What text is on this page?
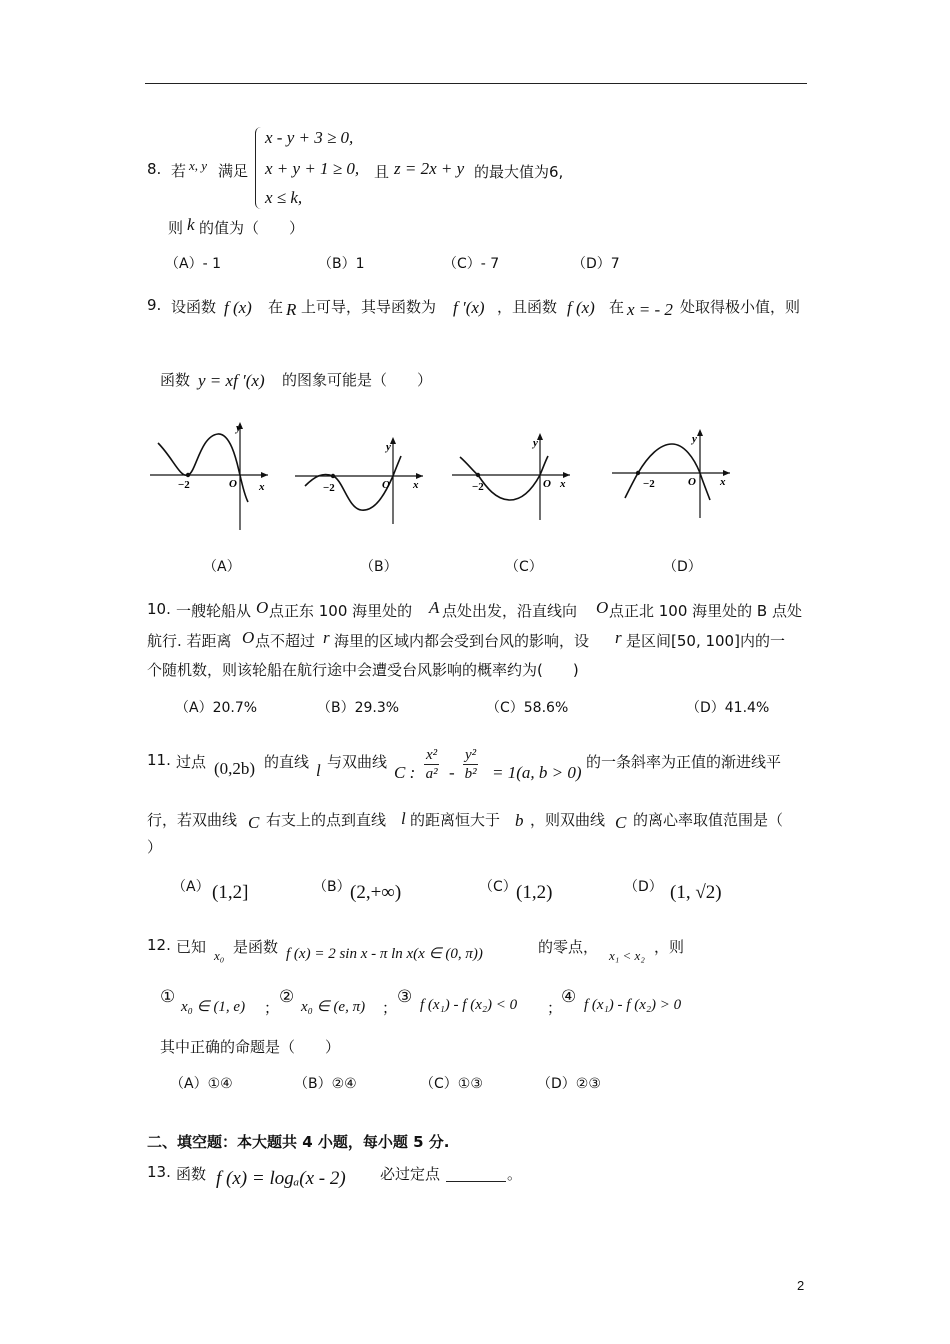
8. 若 x, y 满足
x - y + 3 ≥ 0,
x + y + 1 ≥ 0,
x ≤ k,
且 z = 2x + y 的最大值为6,
则 k 的值为（　　）
（A）- 1	（B）1	（C）- 7	（D）7
9. 设函数 f (x) 在 R 上可导，其导函数为 f ′(x) ，且函数 f (x) 在 x = - 2 处取得极小值，则
函数 y = xf ′(x) 的图象可能是（　　）
y
x
O
−2
y
x
O
−2
y
x
O
−2
y
x
O
−2
（A）	（B）	（C）	（D）
10. 一艘轮船从 O 点正东 100 海里处的 A 点处出发，沿直线向 O 点正北 100 海里处的 B 点处
航行. 若距离 O 点不超过 r 海里的区域内都会受到台风的影响，设 r 是区间[50, 100]内的一
个随机数，则该轮船在航行途中会遭受台风影响的概率约为(　　)
（A）20.7%	（B）29.3%	（C）58.6%	（D）41.4%
11. 过点 (0,2b) 的直线 l 与双曲线
C : $\frac{\text{x²}}{\text{a²}} - \frac{\text{y²}}{\text{b²}} = 1(a$, b > 0)
的一条斜率为正值的渐进线平
行，若双曲线 C 右支上的点到直线 l 的距离恒大于 b ，则双曲线 C 的离心率取值范围是（
）
（A） (1,2]	（B） (2,+∞)	（C） (1,2)	（D） (1, √2)
12. 已知 x₀ 是函数 f (x) = 2 sin x - π ln x(x ∈ (0, π))	的零点， x₁ < x₂ ，则
① x₀ ∈ (1, e) ；
② x₀ ∈ (e, π) ；
③ f (x₁) - f (x₂) < 0 ；
④ f (x₁) - f (x₂) > 0
其中正确的命题是（　　）
（A）①④	（B）②④	（C）①③	（D）②③
二、填空题：本大题共 4 小题，每小题 5 分.
13. 函数 f (x) = logₐ(x - 2) 必过定点	。
2
